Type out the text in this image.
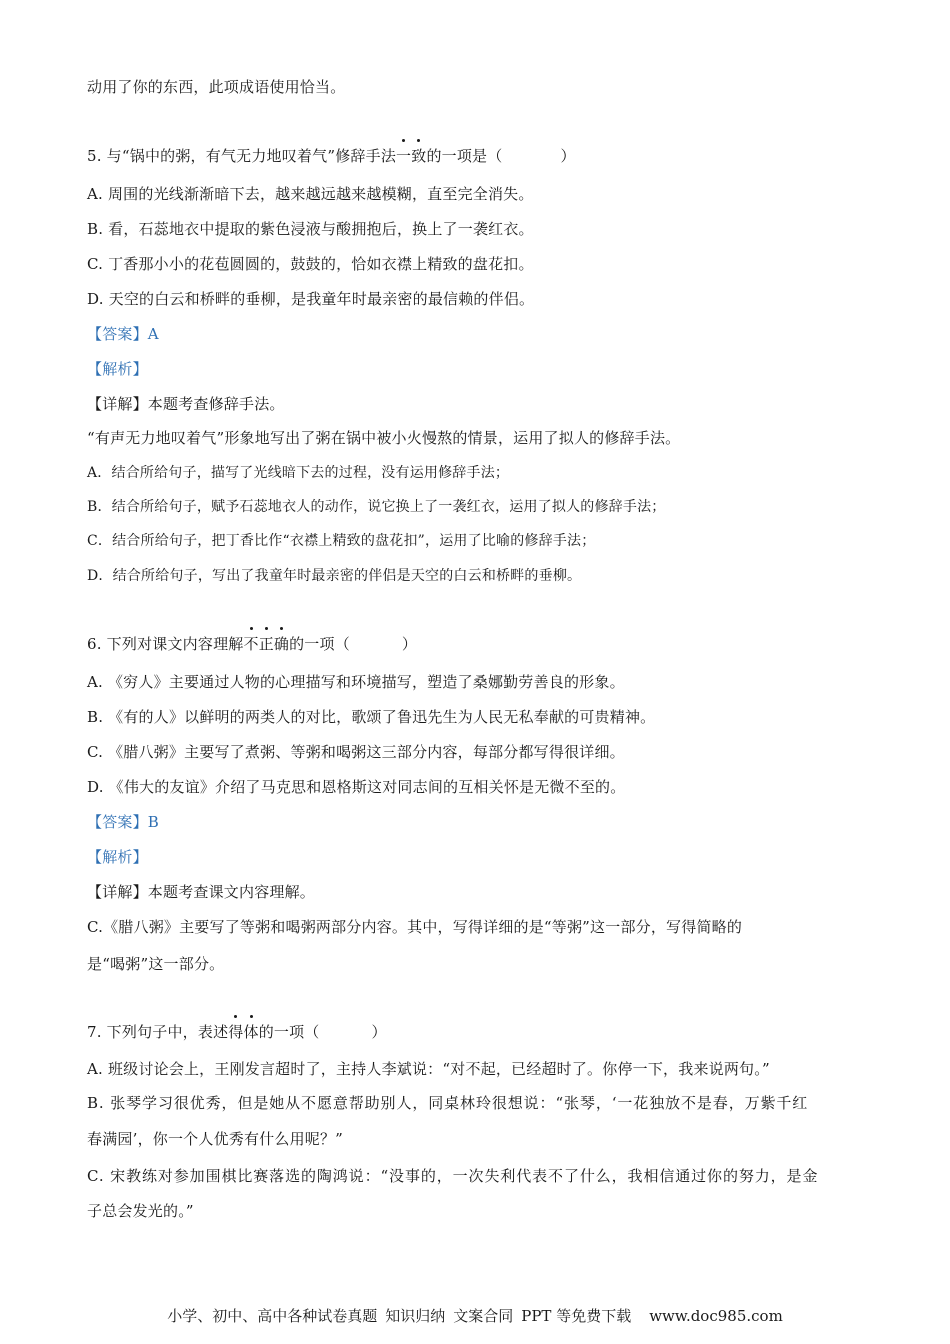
动用了你的东西，此项成语使用恰当。
5. 与“锅中的粥，有气无力地叹着气”修辞手法一致的一项是（	）
A. 周围的光线渐渐暗下去，越来越远越来越模糊，直至完全消失。
B. 看，石蕊地衣中提取的紫色浸液与酸拥抱后，换上了一袭红衣。
C. 丁香那小小的花苞圆圆的，鼓鼓的，恰如衣襟上精致的盘花扣。
D. 天空的白云和桥畔的垂柳，是我童年时最亲密的最信赖的伴侣。
【答案】A
【解析】
【详解】本题考查修辞手法。
“有声无力地叹着气”形象地写出了粥在锅中被小火慢熬的情景，运用了拟人的修辞手法。
A．结合所给句子，描写了光线暗下去的过程，没有运用修辞手法；
B．结合所给句子，赋予石蕊地衣人的动作，说它换上了一袭红衣，运用了拟人的修辞手法；
C．结合所给句子，把丁香比作“衣襟上精致的盘花扣”，运用了比喻的修辞手法；
D．结合所给句子，写出了我童年时最亲密的伴侣是天空的白云和桥畔的垂柳。
6. 下列对课文内容理解不正确的一项（	）
A. 《穷人》主要通过人物的心理描写和环境描写，塑造了桑娜勤劳善良的形象。
B. 《有的人》以鲜明的两类人的对比，歌颂了鲁迅先生为人民无私奉献的可贵精神。
C. 《腊八粥》主要写了煮粥、等粥和喝粥这三部分内容，每部分都写得很详细。
D. 《伟大的友谊》介绍了马克思和恩格斯这对同志间的互相关怀是无微不至的。
【答案】B
【解析】
【详解】本题考查课文内容理解。
C.《腊八粥》主要写了等粥和喝粥两部分内容。其中，写得详细的是“等粥”这一部分，写得简略的
是“喝粥”这一部分。
7. 下列句子中，表述得体的一项（	）
A. 班级讨论会上，王刚发言超时了，主持人李斌说：“对不起，已经超时了。你停一下，我来说两句。”
B. 张琴学习很优秀，但是她从不愿意帮助别人，同桌林玲很想说：“张琴，‘一花独放不是春，万紫千红
春满园’，你一个人优秀有什么用呢？”
C. 宋教练对参加围棋比赛落选的陶鸿说：“没事的，一次失利代表不了什么，我相信通过你的努力，是金
子总会发光的。”
小学、初中、高中各种试卷真题 知识归纳 文案合同 PPT 等免费下载 www.doc985.com
